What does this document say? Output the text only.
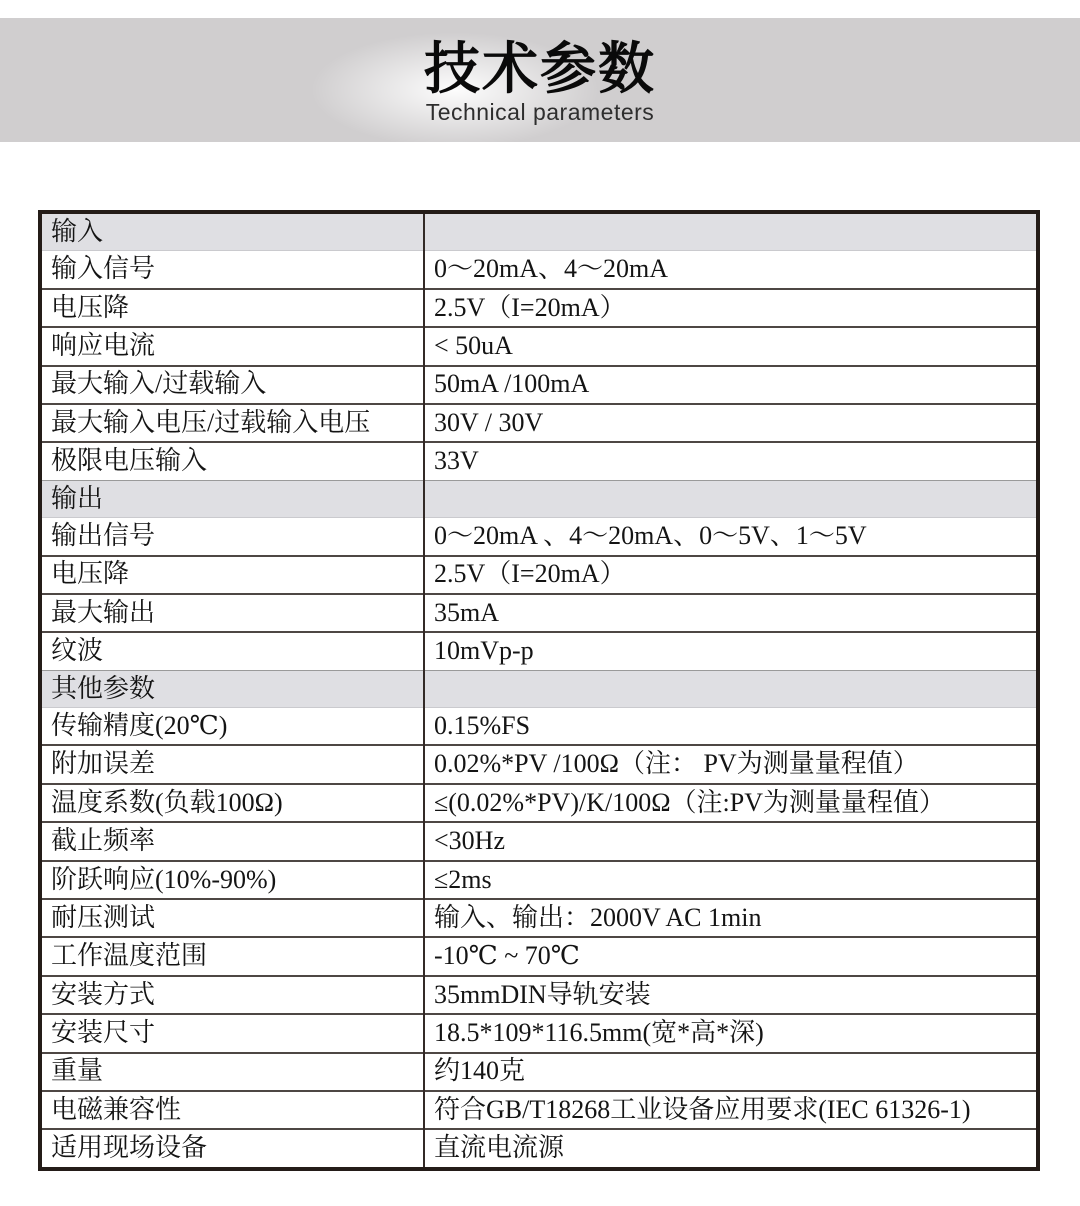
技术参数
Technical parameters
输入	
输入信号	0～20mA、4～20mA
电压降	2.5V（I=20mA）
响应电流	< 50uA
最大输入/过载输入	50mA /100mA
最大输入电压/过载输入电压	30V / 30V
极限电压输入	33V
输出	
输出信号	0～20mA 、4～20mA、0～5V、1～5V
电压降	2.5V（I=20mA）
最大输出	35mA
纹波	10mVp-p
其他参数	
传输精度(20℃)	0.15%FS
附加误差	0.02%*PV /100Ω（注： PV为测量量程值）
温度系数(负载100Ω)	≤(0.02%*PV)/K/100Ω（注:PV为测量量程值）
截止频率	<30Hz
阶跃响应(10%-90%)	≤2ms
耐压测试	输入、输出：2000V AC 1min
工作温度范围	-10℃ ~ 70℃
安装方式	35mmDIN导轨安装
安装尺寸	18.5*109*116.5mm(宽*高*深)
重量	约140克
电磁兼容性	符合GB/T18268工业设备应用要求(IEC 61326-1)
适用现场设备	直流电流源
